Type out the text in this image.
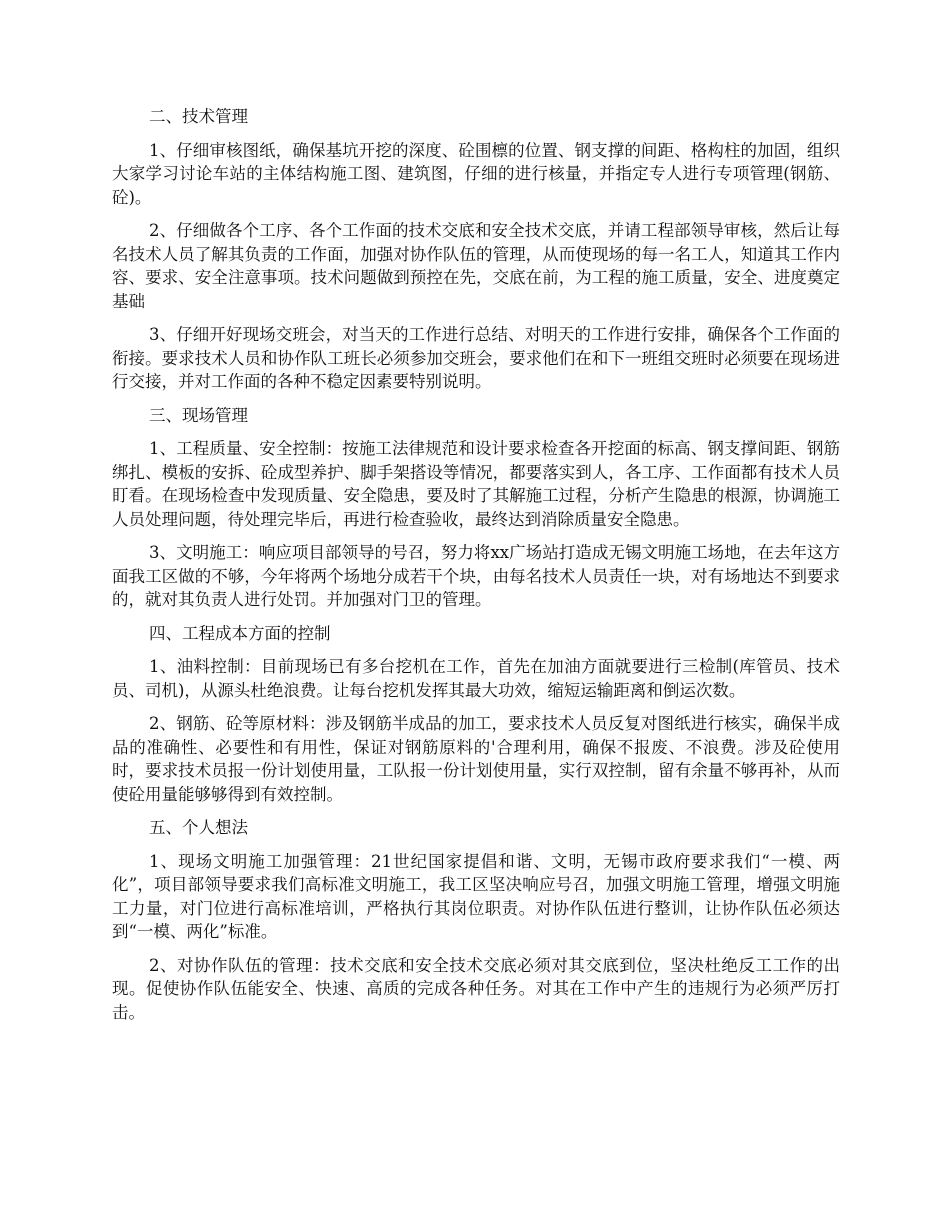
二、技术管理

1、仔细审核图纸，确保基坑开挖的深度、砼围檩的位置、钢支撑的间距、格构柱的加固，组织大家学习讨论车站的主体结构施工图、建筑图，仔细的进行核量，并指定专人进行专项管理(钢筋、砼)。

2、仔细做各个工序、各个工作面的技术交底和安全技术交底，并请工程部领导审核，然后让每名技术人员了解其负责的工作面，加强对协作队伍的管理，从而使现场的每一名工人，知道其工作内容、要求、安全注意事项。技术问题做到预控在先，交底在前，为工程的施工质量，安全、进度奠定基础

3、仔细开好现场交班会，对当天的工作进行总结、对明天的工作进行安排，确保各个工作面的衔接。要求技术人员和协作队工班长必须参加交班会，要求他们在和下一班组交班时必须要在现场进行交接，并对工作面的各种不稳定因素要特别说明。

三、现场管理

1、工程质量、安全控制：按施工法律规范和设计要求检查各开挖面的标高、钢支撑间距、钢筋绑扎、模板的安拆、砼成型养护、脚手架搭设等情况，都要落实到人，各工序、工作面都有技术人员盯看。在现场检查中发现质量、安全隐患，要及时了其解施工过程，分析产生隐患的根源，协调施工人员处理问题，待处理完毕后，再进行检查验收，最终达到消除质量安全隐患。

3、文明施工：响应项目部领导的号召，努力将xx广场站打造成无锡文明施工场地，在去年这方面我工区做的不够，今年将两个场地分成若干个块，由每名技术人员责任一块，对有场地达不到要求的，就对其负责人进行处罚。并加强对门卫的管理。

四、工程成本方面的控制

1、油料控制：目前现场已有多台挖机在工作，首先在加油方面就要进行三检制(库管员、技术员、司机)，从源头杜绝浪费。让每台挖机发挥其最大功效，缩短运输距离和倒运次数。

2、钢筋、砼等原材料：涉及钢筋半成品的加工，要求技术人员反复对图纸进行核实，确保半成品的准确性、必要性和有用性，保证对钢筋原料的'合理利用，确保不报废、不浪费。涉及砼使用时，要求技术员报一份计划使用量，工队报一份计划使用量，实行双控制，留有余量不够再补，从而使砼用量能够够得到有效控制。

五、个人想法

1、现场文明施工加强管理：21世纪国家提倡和谐、文明，无锡市政府要求我们“一模、两化”，项目部领导要求我们高标准文明施工，我工区坚决响应号召，加强文明施工管理，增强文明施工力量，对门位进行高标准培训，严格执行其岗位职责。对协作队伍进行整训，让协作队伍必须达到“一模、两化”标准。

2、对协作队伍的管理：技术交底和安全技术交底必须对其交底到位，坚决杜绝反工工作的出现。促使协作队伍能安全、快速、高质的完成各种任务。对其在工作中产生的违规行为必须严厉打击。
